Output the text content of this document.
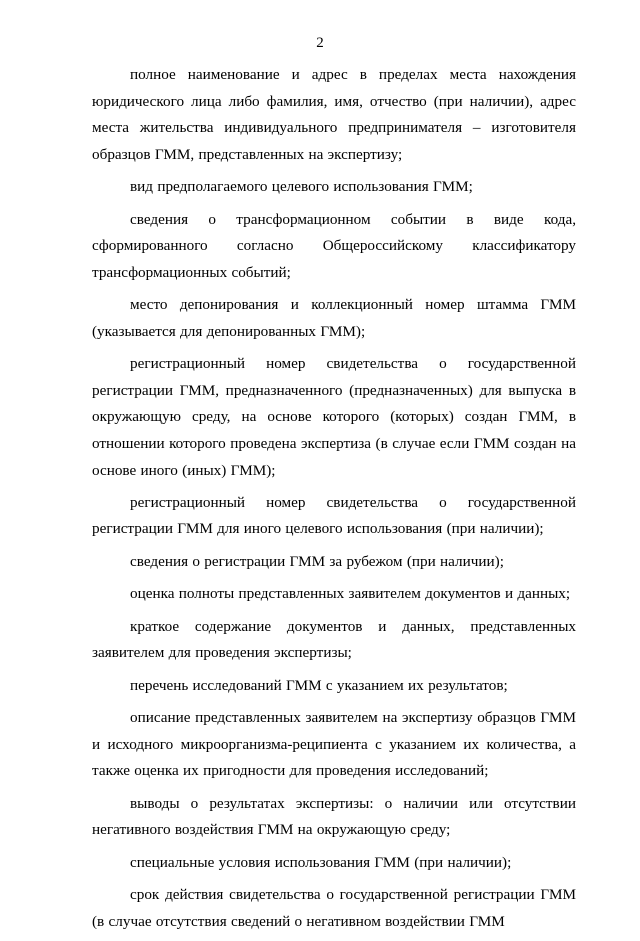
2

полное наименование и адрес в пределах места нахождения юридического лица либо фамилия, имя, отчество (при наличии), адрес места жительства индивидуального предпринимателя – изготовителя образцов ГММ, представленных на экспертизу;

вид предполагаемого целевого использования ГММ;

сведения о трансформационном событии в виде кода, сформированного согласно Общероссийскому классификатору трансформационных событий;

место депонирования и коллекционный номер штамма ГММ (указывается для депонированных ГММ);

регистрационный номер свидетельства о государственной регистрации ГММ, предназначенного (предназначенных) для выпуска в окружающую среду, на основе которого (которых) создан ГММ, в отношении которого проведена экспертиза (в случае если ГММ создан на основе иного (иных) ГММ);

регистрационный номер свидетельства о государственной регистрации ГММ для иного целевого использования (при наличии);

сведения о регистрации ГММ за рубежом (при наличии);

оценка полноты представленных заявителем документов и данных;

краткое содержание документов и данных, представленных заявителем для проведения экспертизы;

перечень исследований ГММ с указанием их результатов;

описание представленных заявителем на экспертизу образцов ГММ и исходного микроорганизма-реципиента с указанием их количества, а также оценка их пригодности для проведения исследований;

выводы о результатах экспертизы: о наличии или отсутствии негативного воздействия ГММ на окружающую среду;

специальные условия использования ГММ (при наличии);

срок действия свидетельства о государственной регистрации ГММ (в случае отсутствия сведений о негативном воздействии ГММ
